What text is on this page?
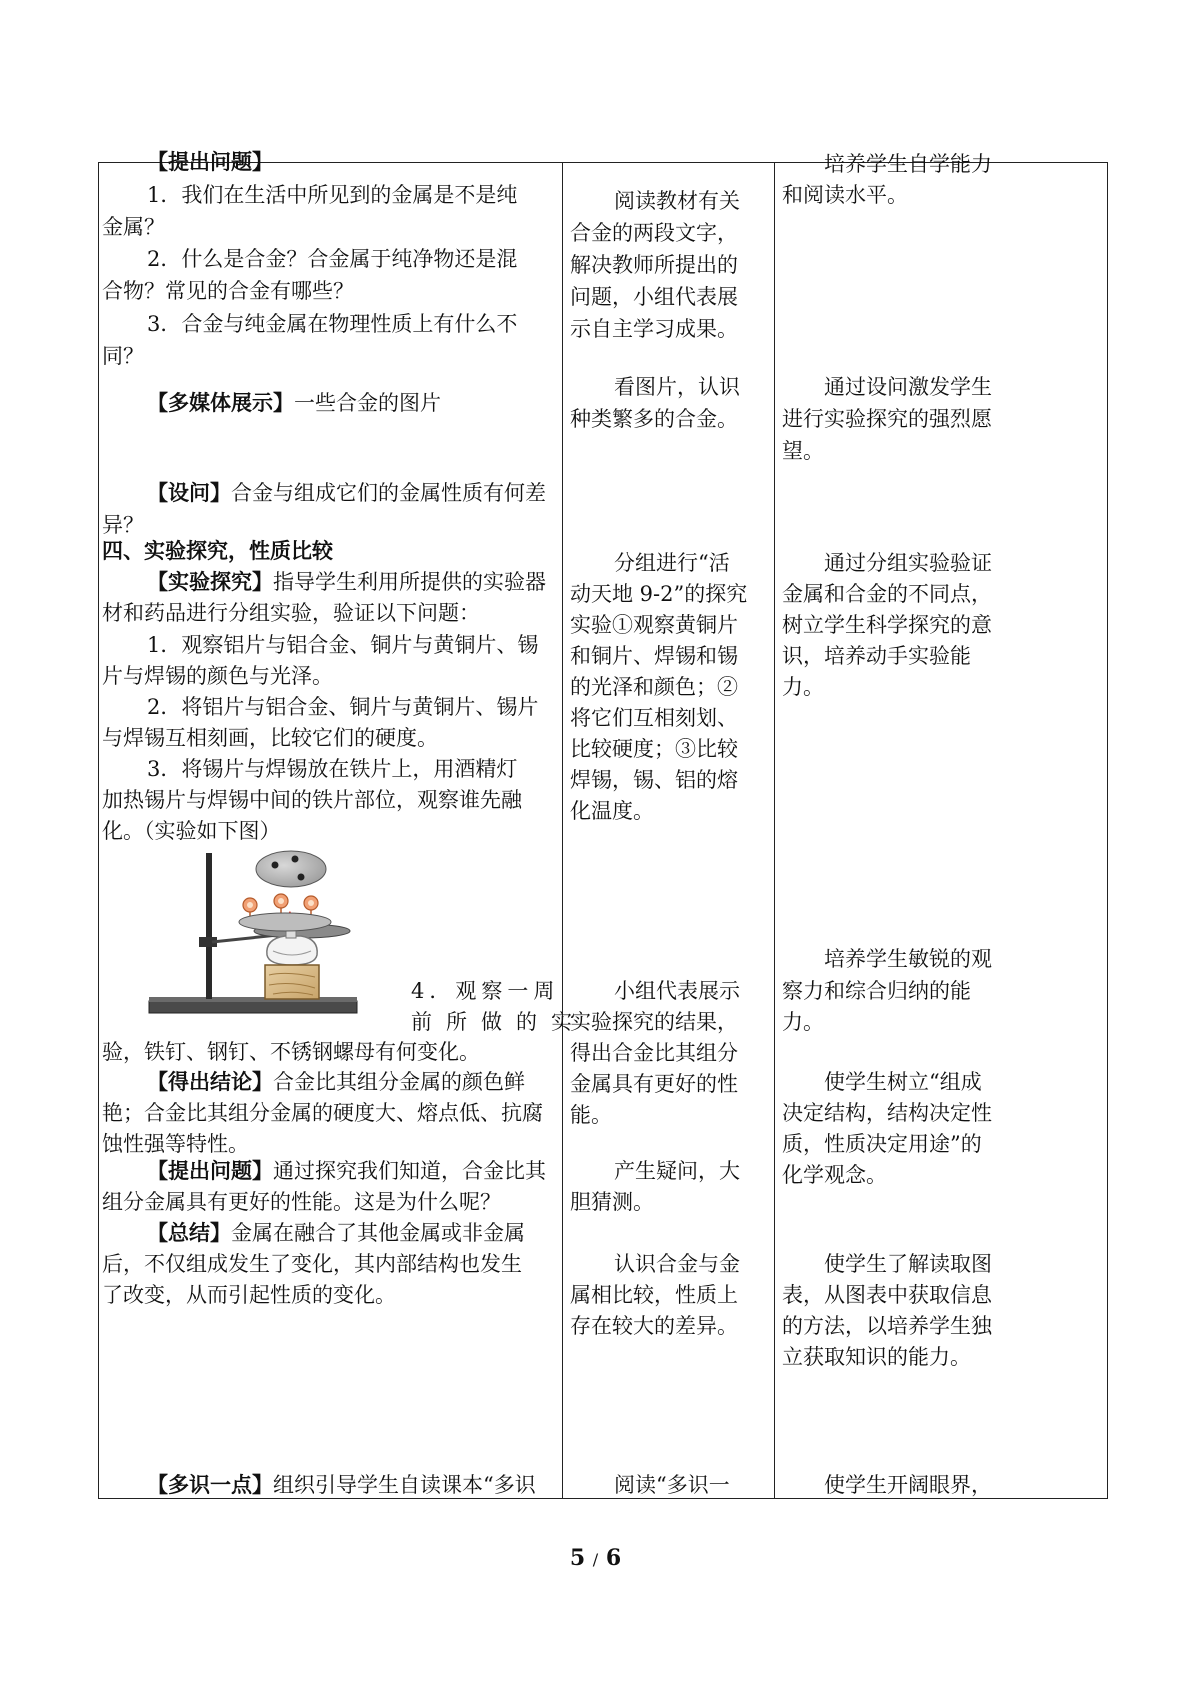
【提出问题】
1．我们在生活中所见到的金属是不是纯
金属？
2．什么是合金？合金属于纯净物还是混
合物？常见的合金有哪些？
3．合金与纯金属在物理性质上有什么不
同？
【多媒体展示】一些合金的图片
【设问】合金与组成它们的金属性质有何差
异？
四、实验探究，性质比较
【实验探究】指导学生利用所提供的实验器
材和药品进行分组实验，验证以下问题：
1．观察铝片与铝合金、铜片与黄铜片、锡
片与焊锡的颜色与光泽。
2．将铝片与铝合金、铜片与黄铜片、锡片
与焊锡互相刻画，比较它们的硬度。
3．将锡片与焊锡放在铁片上，用酒精灯
加热锡片与焊锡中间的铁片部位，观察谁先融
化。（实验如下图）
4．观察一周
前所做的实
验，铁钉、钢钉、不锈钢螺母有何变化。
【得出结论】合金比其组分金属的颜色鲜
艳；合金比其组分金属的硬度大、熔点低、抗腐
蚀性强等特性。
【提出问题】通过探究我们知道，合金比其
组分金属具有更好的性能。这是为什么呢？
【总结】金属在融合了其他金属或非金属
后，不仅组成发生了变化，其内部结构也发生
了改变，从而引起性质的变化。
【多识一点】组织引导学生自读课本“多识
阅读教材有关
合金的两段文字，
解决教师所提出的
问题，小组代表展
示自主学习成果。
看图片，认识
种类繁多的合金。
分组进行“活
动天地 9-2”的探究
实验①观察黄铜片
和铜片、焊锡和锡
的光泽和颜色；②
将它们互相刻划、
比较硬度；③比较
焊锡，锡、铝的熔
化温度。
小组代表展示
实验探究的结果，
得出合金比其组分
金属具有更好的性
能。
产生疑问，大
胆猜测。
认识合金与金
属相比较，性质上
存在较大的差异。
阅读“多识一
培养学生自学能力
和阅读水平。
通过设问激发学生
进行实验探究的强烈愿
望。
通过分组实验验证
金属和合金的不同点，
树立学生科学探究的意
识，培养动手实验能
力。
培养学生敏锐的观
察力和综合归纳的能
力。
使学生树立“组成
决定结构，结构决定性
质，性质决定用途”的
化学观念。
使学生了解读取图
表，从图表中获取信息
的方法，以培养学生独
立获取知识的能力。
使学生开阔眼界，
5 / 6
